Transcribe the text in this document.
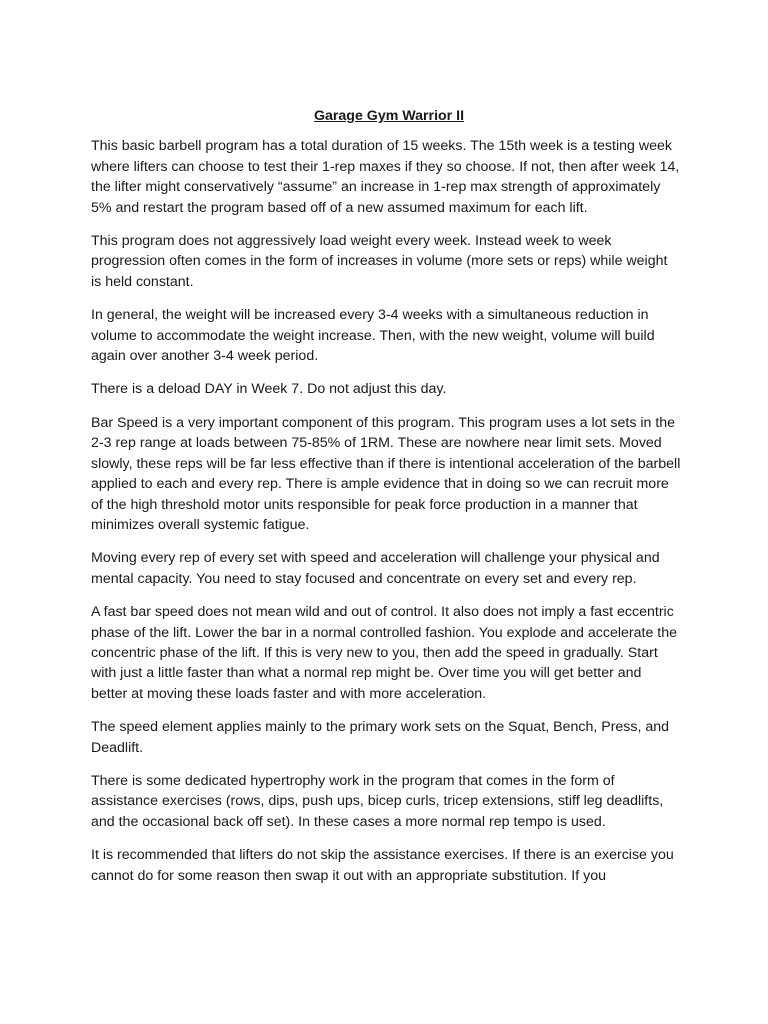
Garage Gym Warrior II

This basic barbell program has a total duration of 15 weeks. The 15th week is a testing week where lifters can choose to test their 1-rep maxes if they so choose. If not, then after week 14, the lifter might conservatively “assume” an increase in 1-rep max strength of approximately 5% and restart the program based off of a new assumed maximum for each lift.

This program does not aggressively load weight every week. Instead week to week progression often comes in the form of increases in volume (more sets or reps) while weight is held constant.

In general, the weight will be increased every 3-4 weeks with a simultaneous reduction in volume to accommodate the weight increase. Then, with the new weight, volume will build again over another 3-4 week period.

There is a deload DAY in Week 7. Do not adjust this day.

Bar Speed is a very important component of this program. This program uses a lot sets in the 2-3 rep range at loads between 75-85% of 1RM. These are nowhere near limit sets. Moved slowly, these reps will be far less effective than if there is intentional acceleration of the barbell applied to each and every rep. There is ample evidence that in doing so we can recruit more of the high threshold motor units responsible for peak force production in a manner that minimizes overall systemic fatigue.

Moving every rep of every set with speed and acceleration will challenge your physical and mental capacity. You need to stay focused and concentrate on every set and every rep.

A fast bar speed does not mean wild and out of control. It also does not imply a fast eccentric phase of the lift. Lower the bar in a normal controlled fashion. You explode and accelerate the concentric phase of the lift. If this is very new to you, then add the speed in gradually. Start with just a little faster than what a normal rep might be. Over time you will get better and better at moving these loads faster and with more acceleration.

The speed element applies mainly to the primary work sets on the Squat, Bench, Press, and Deadlift.

There is some dedicated hypertrophy work in the program that comes in the form of assistance exercises (rows, dips, push ups, bicep curls, tricep extensions, stiff leg deadlifts, and the occasional back off set). In these cases a more normal rep tempo is used.

It is recommended that lifters do not skip the assistance exercises. If there is an exercise you cannot do for some reason then swap it out with an appropriate substitution. If you
